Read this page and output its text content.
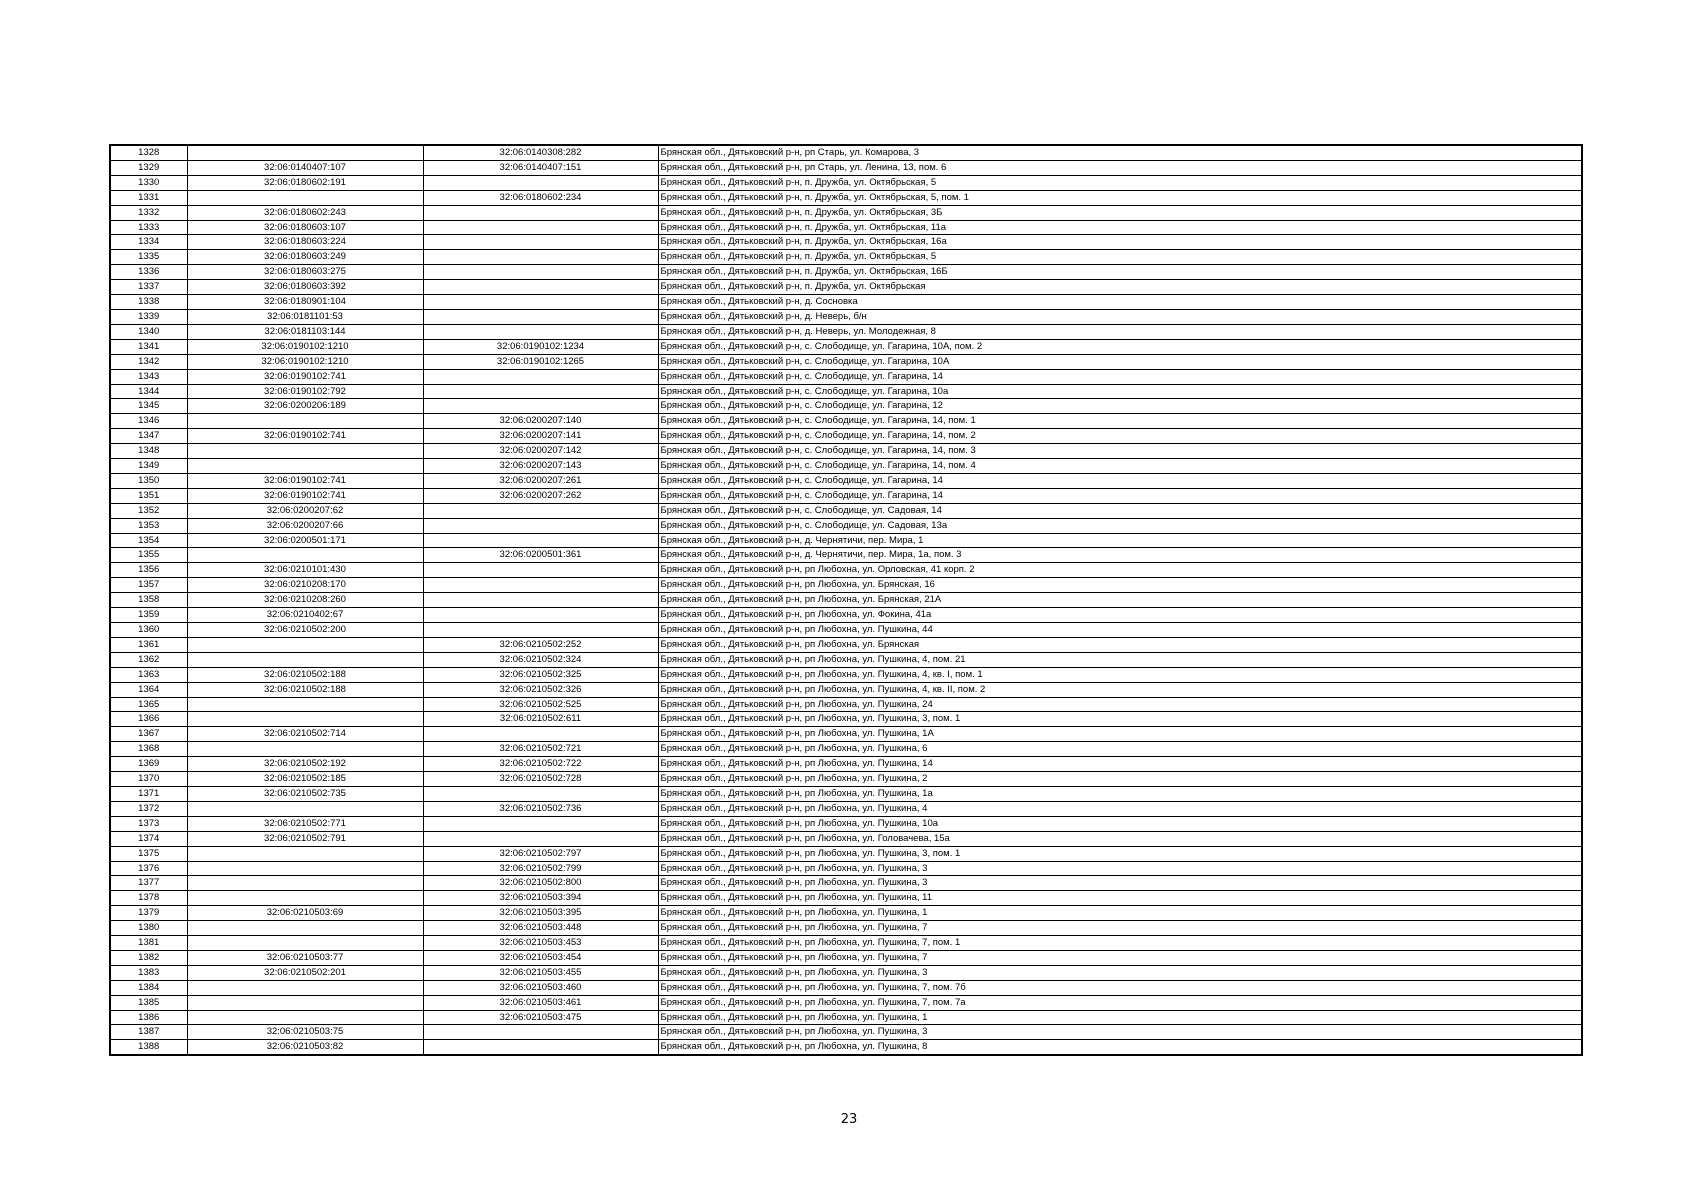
1328		32:06:0140308:282	Брянская обл., Дятьковский р-н, рп Старь, ул. Комарова, 3
1329	32:06:0140407:107	32:06:0140407:151	Брянская обл., Дятьковский р-н, рп Старь, ул. Ленина, 13, пом. 6
1330	32:06:0180602:191		Брянская обл., Дятьковский р-н, п. Дружба, ул. Октябрьская, 5
1331		32:06:0180602:234	Брянская обл., Дятьковский р-н, п. Дружба, ул. Октябрьская, 5, пом. 1
1332	32:06:0180602:243		Брянская обл., Дятьковский р-н, п. Дружба, ул. Октябрьская, 3Б
1333	32:06:0180603:107		Брянская обл., Дятьковский р-н, п. Дружба, ул. Октябрьская, 11а
1334	32:06:0180603:224		Брянская обл., Дятьковский р-н, п. Дружба, ул. Октябрьская, 16а
1335	32:06:0180603:249		Брянская обл., Дятьковский р-н, п. Дружба, ул. Октябрьская, 5
1336	32:06:0180603:275		Брянская обл., Дятьковский р-н, п. Дружба, ул. Октябрьская, 16Б
1337	32:06:0180603:392		Брянская обл., Дятьковский р-н, п. Дружба, ул. Октябрьская
1338	32:06:0180901:104		Брянская обл., Дятьковский р-н, д. Сосновка
1339	32:06:0181101:53		Брянская обл., Дятьковский р-н, д. Неверь, б/н
1340	32:06:0181103:144		Брянская обл., Дятьковский р-н, д. Неверь, ул. Молодежная, 8
1341	32:06:0190102:1210	32:06:0190102:1234	Брянская обл., Дятьковский р-н, с. Слободище, ул. Гагарина, 10А, пом. 2
1342	32:06:0190102:1210	32:06:0190102:1265	Брянская обл., Дятьковский р-н, с. Слободище, ул. Гагарина, 10А
1343	32:06:0190102:741		Брянская обл., Дятьковский р-н, с. Слободище, ул. Гагарина, 14
1344	32:06:0190102:792		Брянская обл., Дятьковский р-н, с. Слободище, ул. Гагарина, 10а
1345	32:06:0200206:189		Брянская обл., Дятьковский р-н, с. Слободище, ул. Гагарина, 12
1346		32:06:0200207:140	Брянская обл., Дятьковский р-н, с. Слободище, ул. Гагарина, 14, пом. 1
1347	32:06:0190102:741	32:06:0200207:141	Брянская обл., Дятьковский р-н, с. Слободище, ул. Гагарина, 14, пом. 2
1348		32:06:0200207:142	Брянская обл., Дятьковский р-н, с. Слободище, ул. Гагарина, 14, пом. 3
1349		32:06:0200207:143	Брянская обл., Дятьковский р-н, с. Слободище, ул. Гагарина, 14, пом. 4
1350	32:06:0190102:741	32:06:0200207:261	Брянская обл., Дятьковский р-н, с. Слободище, ул. Гагарина, 14
1351	32:06:0190102:741	32:06:0200207:262	Брянская обл., Дятьковский р-н, с. Слободище, ул. Гагарина, 14
1352	32:06:0200207:62		Брянская обл., Дятьковский р-н, с. Слободище, ул. Садовая, 14
1353	32:06:0200207:66		Брянская обл., Дятьковский р-н, с. Слободище, ул. Садовая, 13а
1354	32:06:0200501:171		Брянская обл., Дятьковский р-н, д. Чернятичи, пер. Мира, 1
1355		32:06:0200501:361	Брянская обл., Дятьковский р-н, д. Чернятичи, пер. Мира, 1а, пом. 3
1356	32:06:0210101:430		Брянская обл., Дятьковский р-н, рп Любохна, ул. Орловская, 41 корп. 2
1357	32:06:0210208:170		Брянская обл., Дятьковский р-н, рп Любохна, ул. Брянская, 16
1358	32:06:0210208:260		Брянская обл., Дятьковский р-н, рп Любохна, ул. Брянская, 21А
1359	32:06:0210402:67		Брянская обл., Дятьковский р-н, рп Любохна, ул. Фокина, 41а
1360	32:06:0210502:200		Брянская обл., Дятьковский р-н, рп Любохна, ул. Пушкина, 44
1361		32:06:0210502:252	Брянская обл., Дятьковский р-н, рп Любохна, ул. Брянская
1362		32:06:0210502:324	Брянская обл., Дятьковский р-н, рп Любохна, ул. Пушкина, 4, пом. 21
1363	32:06:0210502:188	32:06:0210502:325	Брянская обл., Дятьковский р-н, рп Любохна, ул. Пушкина, 4, кв. I, пом. 1
1364	32:06:0210502:188	32:06:0210502:326	Брянская обл., Дятьковский р-н, рп Любохна, ул. Пушкина, 4, кв. II, пом. 2
1365		32:06:0210502:525	Брянская обл., Дятьковский р-н, рп Любохна, ул. Пушкина, 24
1366		32:06:0210502:611	Брянская обл., Дятьковский р-н, рп Любохна, ул. Пушкина, 3, пом. 1
1367	32:06:0210502:714		Брянская обл., Дятьковский р-н, рп Любохна, ул. Пушкина, 1А
1368		32:06:0210502:721	Брянская обл., Дятьковский р-н, рп Любохна, ул. Пушкина, 6
1369	32:06:0210502:192	32:06:0210502:722	Брянская обл., Дятьковский р-н, рп Любохна, ул. Пушкина, 14
1370	32:06:0210502:185	32:06:0210502:728	Брянская обл., Дятьковский р-н, рп Любохна, ул. Пушкина, 2
1371	32:06:0210502:735		Брянская обл., Дятьковский р-н, рп Любохна, ул. Пушкина, 1а
1372		32:06:0210502:736	Брянская обл., Дятьковский р-н, рп Любохна, ул. Пушкина, 4
1373	32:06:0210502:771		Брянская обл., Дятьковский р-н, рп Любохна, ул. Пушкина, 10а
1374	32:06:0210502:791		Брянская обл., Дятьковский р-н, рп Любохна, ул. Головачева, 15а
1375		32:06:0210502:797	Брянская обл., Дятьковский р-н, рп Любохна, ул. Пушкина, 3, пом. 1
1376		32:06:0210502:799	Брянская обл., Дятьковский р-н, рп Любохна, ул. Пушкина, 3
1377		32:06:0210502:800	Брянская обл., Дятьковский р-н, рп Любохна, ул. Пушкина, 3
1378		32:06:0210503:394	Брянская обл., Дятьковский р-н, рп Любохна, ул. Пушкина, 11
1379	32:06:0210503:69	32:06:0210503:395	Брянская обл., Дятьковский р-н, рп Любохна, ул. Пушкина, 1
1380		32:06:0210503:448	Брянская обл., Дятьковский р-н, рп Любохна, ул. Пушкина, 7
1381		32:06:0210503:453	Брянская обл., Дятьковский р-н, рп Любохна, ул. Пушкина, 7, пом. 1
1382	32:06:0210503:77	32:06:0210503:454	Брянская обл., Дятьковский р-н, рп Любохна, ул. Пушкина, 7
1383	32:06:0210502:201	32:06:0210503:455	Брянская обл., Дятьковский р-н, рп Любохна, ул. Пушкина, 3
1384		32:06:0210503:460	Брянская обл., Дятьковский р-н, рп Любохна, ул. Пушкина, 7, пом. 7б
1385		32:06:0210503:461	Брянская обл., Дятьковский р-н, рп Любохна, ул. Пушкина, 7, пом. 7а
1386		32:06:0210503:475	Брянская обл., Дятьковский р-н, рп Любохна, ул. Пушкина, 1
1387	32:06:0210503:75		Брянская обл., Дятьковский р-н, рп Любохна, ул. Пушкина, 3
1388	32:06:0210503:82		Брянская обл., Дятьковский р-н, рп Любохна, ул. Пушкина, 8
23
